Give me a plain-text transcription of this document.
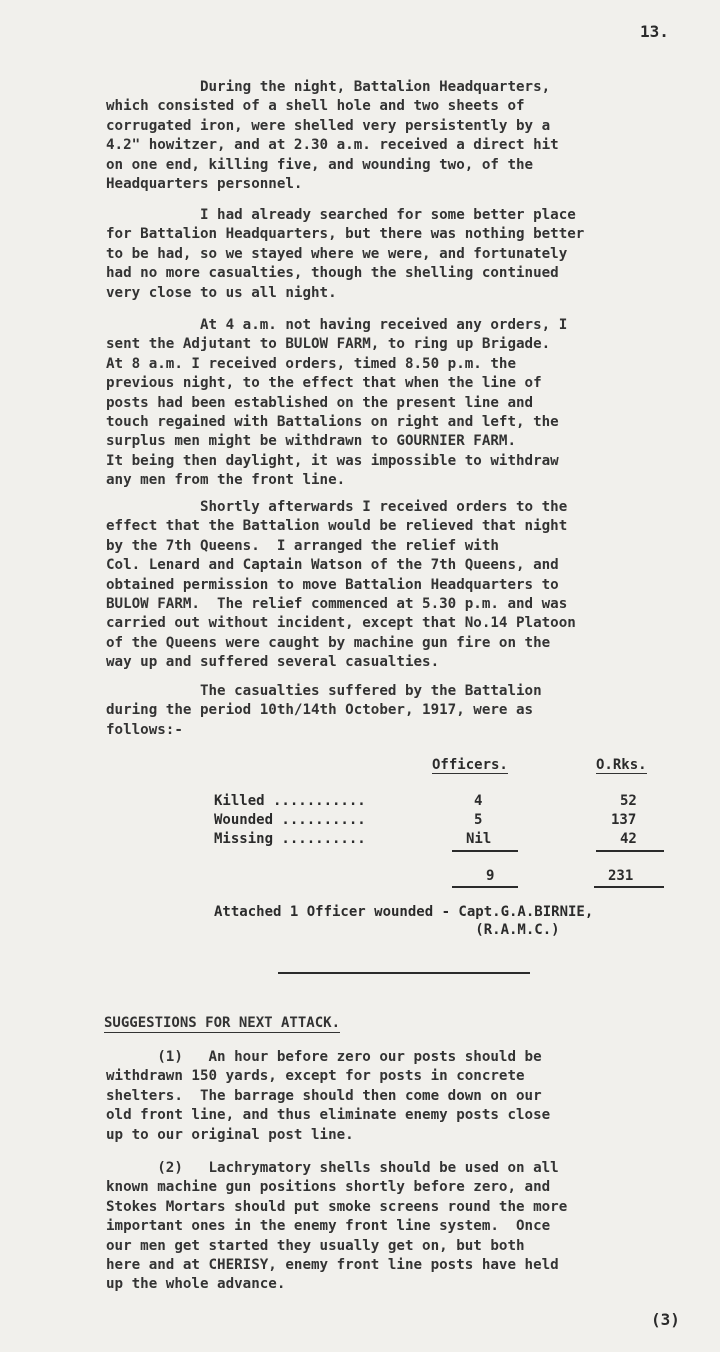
13.
During the night, Battalion Headquarters,
which consisted of a shell hole and two sheets of
corrugated iron, were shelled very persistently by a
4.2" howitzer, and at 2.30 a.m. received a direct hit
on one end, killing five, and wounding two, of the
Headquarters personnel.
I had already searched for some better place
for Battalion Headquarters, but there was nothing better
to be had, so we stayed where we were, and fortunately
had no more casualties, though the shelling continued
very close to us all night.
At 4 a.m. not having received any orders, I
sent the Adjutant to BULOW FARM, to ring up Brigade.
At 8 a.m. I received orders, timed 8.50 p.m. the
previous night, to the effect that when the line of
posts had been established on the present line and
touch regained with Battalions on right and left, the
surplus men might be withdrawn to GOURNIER FARM.
It being then daylight, it was impossible to withdraw
any men from the front line.
Shortly afterwards I received orders to the
effect that the Battalion would be relieved that night
by the 7th Queens.  I arranged the relief with
Col. Lenard and Captain Watson of the 7th Queens, and
obtained permission to move Battalion Headquarters to
BULOW FARM.  The relief commenced at 5.30 p.m. and was
carried out without incident, except that No.14 Platoon
of the Queens were caught by machine gun fire on the
way up and suffered several casualties.
The casualties suffered by the Battalion
during the period 10th/14th October, 1917, were as
follows:-
Officers.	O.Rks.
Killed ...........	4	52
Wounded ..........	5	137
Missing ..........	Nil	42
9	231
Attached 1 Officer wounded - Capt.G.A.BIRNIE,
(R.A.M.C.)
SUGGESTIONS FOR NEXT ATTACK.
(1)   An hour before zero our posts should be
withdrawn 150 yards, except for posts in concrete
shelters.  The barrage should then come down on our
old front line, and thus eliminate enemy posts close
up to our original post line.
(2)   Lachrymatory shells should be used on all
known machine gun positions shortly before zero, and
Stokes Mortars should put smoke screens round the more
important ones in the enemy front line system.  Once
our men get started they usually get on, but both
here and at CHERISY, enemy front line posts have held
up the whole advance.
(3)
